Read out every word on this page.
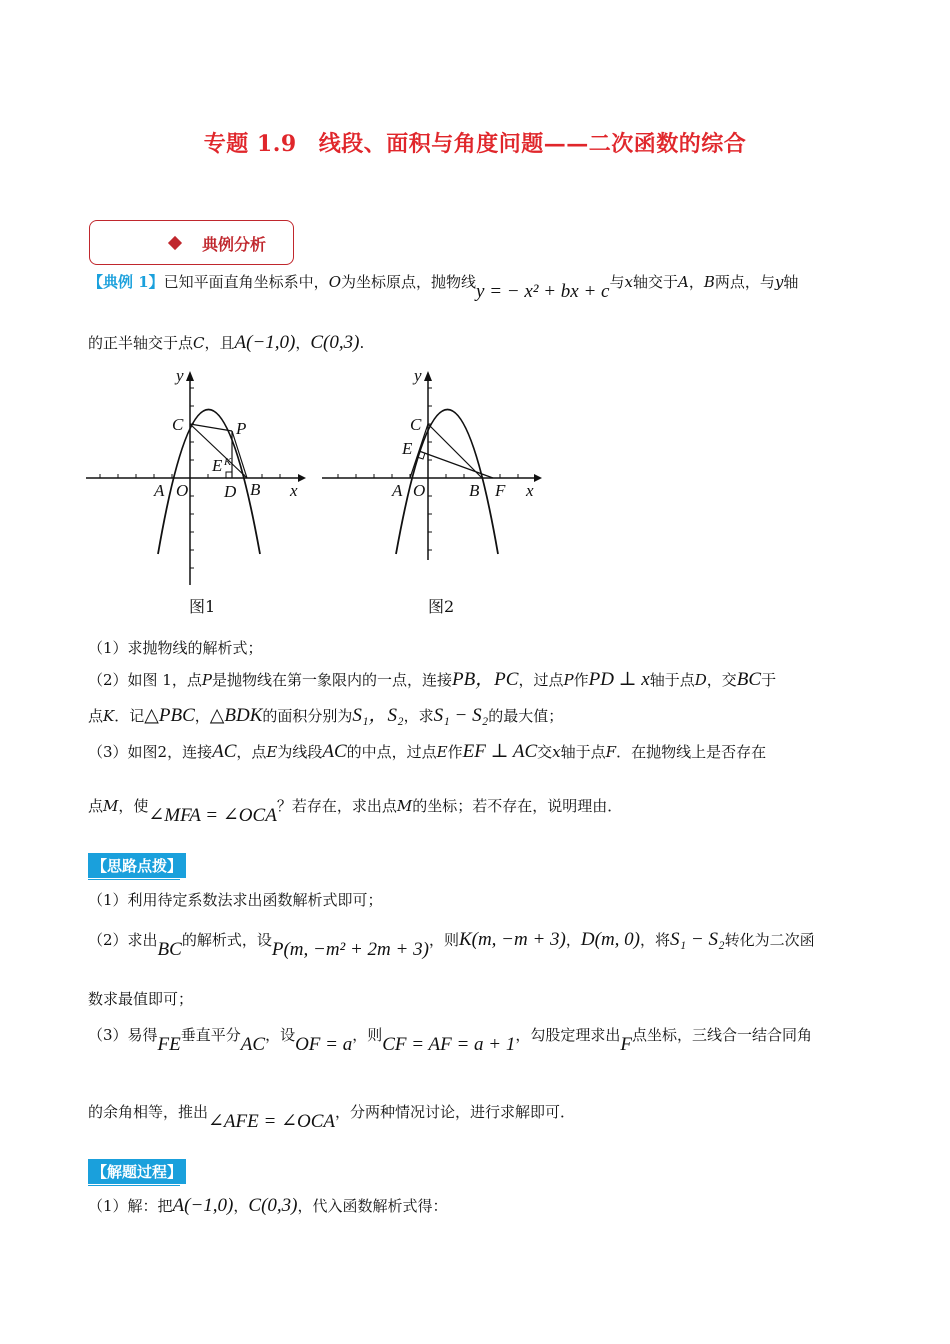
专题 1.9 线段、面积与角度问题——二次函数的综合
典例分析
【典例 1】已知平面直角坐标系中，O为坐标原点，抛物线y = − x² + bx + c与x轴交于A，B两点，与y轴
的正半轴交于点C，且A(−1,0)，C(0,3).
y
C	P
E K
A O D B x
图1
y
C
E
A O	B F x
图2
（1）求抛物线的解析式；
（2）如图 1，点P是抛物线在第一象限内的一点，连接PB，PC，过点P作PD ⊥ x轴于点D，交BC于
点K．记△PBC，△BDK的面积分别为S₁，S₂，求S₁ − S₂的最大值；
（3）如图2，连接AC，点E为线段AC的中点，过点E作EF ⊥ AC交x轴于点F．在抛物线上是否存在
点M，使∠MFA = ∠OCA？若存在，求出点M的坐标；若不存在，说明理由．
【思路点拨】
（1）利用待定系数法求出函数解析式即可；
（2）求出BC的解析式，设P(m, −m² + 2m + 3)，则K(m, −m + 3)，D(m, 0)，将S₁ − S₂转化为二次函
数求最值即可；
（3）易得FE垂直平分AC，设OF = a，则CF = AF = a + 1，勾股定理求出F点坐标，三线合一结合同角
的余角相等，推出∠AFE = ∠OCA，分两种情况讨论，进行求解即可．
【解题过程】
（1）解：把A(−1,0)，C(0,3)，代入函数解析式得：
